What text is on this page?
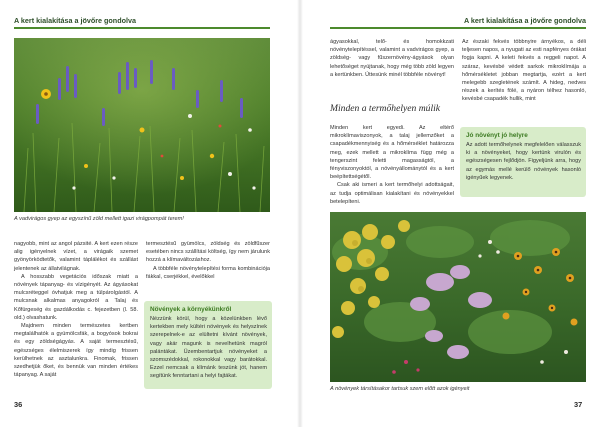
A kert kialakítása a jövőre gondolva
A vadvirágos gyep az egyszínű zöld mellett igazi virágpompát terem!

nagyobb, mint az angol pázsité. A kert ezen része alig igényelnek vízet, a virágaik szemet gyönyörködtetők, valamint táplálékot és szállást jelentenek az állatvilágnak.

A hosszabb vegetációs időszak miatt a növények tápanyag- és vízigényét. Az ágyásokat mulcsréteggel óvhatjuk meg a túlpárolgástól. A mulcsnak alkalmas anyagokról a Talaj és Kőfürgeség és gazdálkodás c. fejezetben (l. 58. old.) olvashatunk.

Majdnem minden természetes kertben megtalálhatók a gyümölcsfák, a bogyósok bokrai és egy zöldségágyás. A saját termesztésű, egészséges élelmiszerek így mindig frissen kerülhetnek az asztalunkra. Finomak, frissen szedhetjük őket, és bennük van minden értékes tápanyag. A saját

termesztésű gyümölcs, zöldség és zöldfűszer esetében nincs szállítási költség, így nem járulunk hozzá a klímaváltozáshoz.

A többféle növénytelepítési forma kombinációja fákkal, cserjékkel, évelőkkel

Növények a környékünkről
Nézzünk körül, hogy a közelünkben lévő kertekben mely kültéri növények és helyszínek szerepelnek-e az elültetni kívánt növények, vagy akár magunk is nevelhetünk magról palántákat. Üzembentartjuk növényeket a szomszédokkal, rokonokkal vagy barátokkal. Ezzel nemcsak a klímánk teszünk jót, hanem segítünk fenntartani a helyi fajtákat.
36
A kert kialakítása a jövőre gondolva

ágyasokkal, telő- és homokkzati növénytelepítéssel, valamint a vadvirágos gyep, a zöldség- vagy fűszernövény-ágyások olyan lehetőséget nyújtanak, hogy még több zöld legyen a kertünkben. Úttesünk minél többféle növényt!

Minden a termőhelyen múlik

Minden kert egyedi. Az eltérő mikroklímaviszonyok, a talaj jellemzőket a csapadékmennyiség és a hőmérséklet határozza meg, ezek mellett a mikroklíma függ még a tengerszint feletti magasságtól, a fényviszonyoktól, a növényállománytól és a kert beépítettségétől.

Csak aki ismeri a kert termőhelyi adottságait, az tudja optimálisan kialakítani és növényekkel betelepíteni.

Az északi fekvés többnyire árnyékos, a déli teljesen napos, a nyugati az esti napfényes órákat fogja kapni. A keleti fekvés a reggeli napot. A száraz, kevésbé védett sarkok mikroklímája a hőmérsékletet jobban megtartja, ezért a kert melegebb szegletének számít. A hideg, nedves részek a kerítés fölé, a nyáron télhez hasonló, kevésbé csapadék hullik, mint

Jó növényt jó helyre
Az adott termőhelynek megfelelően válasszuk ki a növényeket, hogy kertünk virulón és egészségesen fejlődjön. Figyeljünk arra, hogy az egymás mellé kerülő növények hasonló igényűek legyenek.
A növények társításakor tartsuk szem előtt azok igényeit
37
